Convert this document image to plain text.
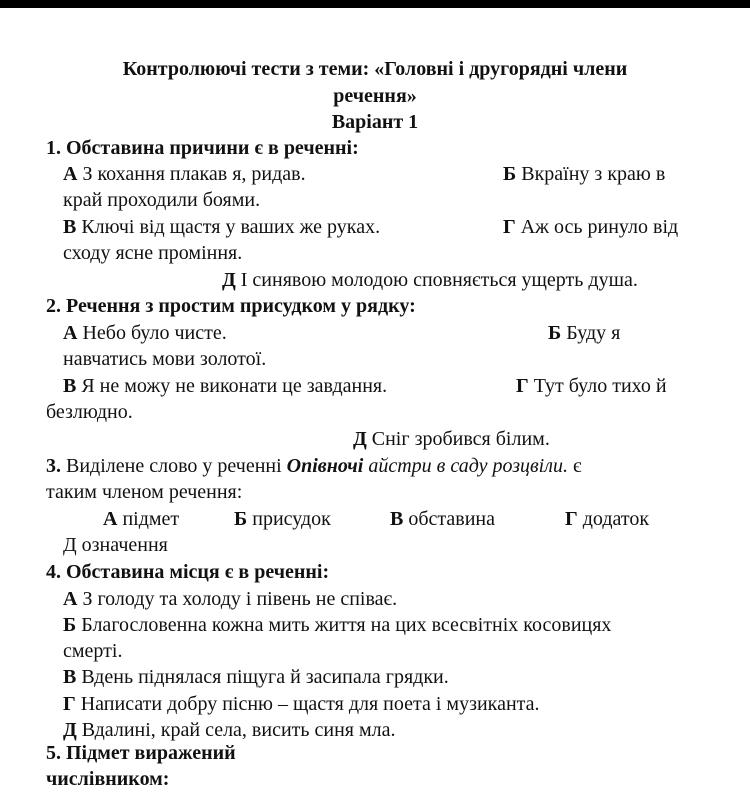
Контролюючі тести з теми: «Головні і другорядні члени
речення»
Варіант 1
1. Обставина причини є в реченні:
А З кохання плакав я, ридав.	Б Вкраїну з краю в
край проходили боями.
В Ключі від щастя у ваших же руках.	Г Аж ось ринуло від
сходу ясне проміння.
Д І синявою молодою сповняється ущерть душа.
2. Речення з простим присудком у рядку:
А Небо було чисте.	Б Буду я
навчатись мови золотої.
В Я не можу не виконати це завдання.	Г Тут було тихо й
безлюдно.
Д Сніг зробився білим.
3. Виділене слово у реченні Опівночі айстри в саду розцвіли. є
таким членом речення:
А підмет	Б присудок	В обставина	Г додаток
Д означення
4. Обставина місця є в реченні:
А З голоду та холоду і півень не співає.
Б Благословенна кожна мить життя на цих всесвітніх косовицях
смерті.
В Вдень піднялася піщуга й засипала грядки.
Г Написати добру пісню – щастя для поета і музиканта.
Д Вдалині, край села, висить синя мла.
5. Підмет виражений числівником:
